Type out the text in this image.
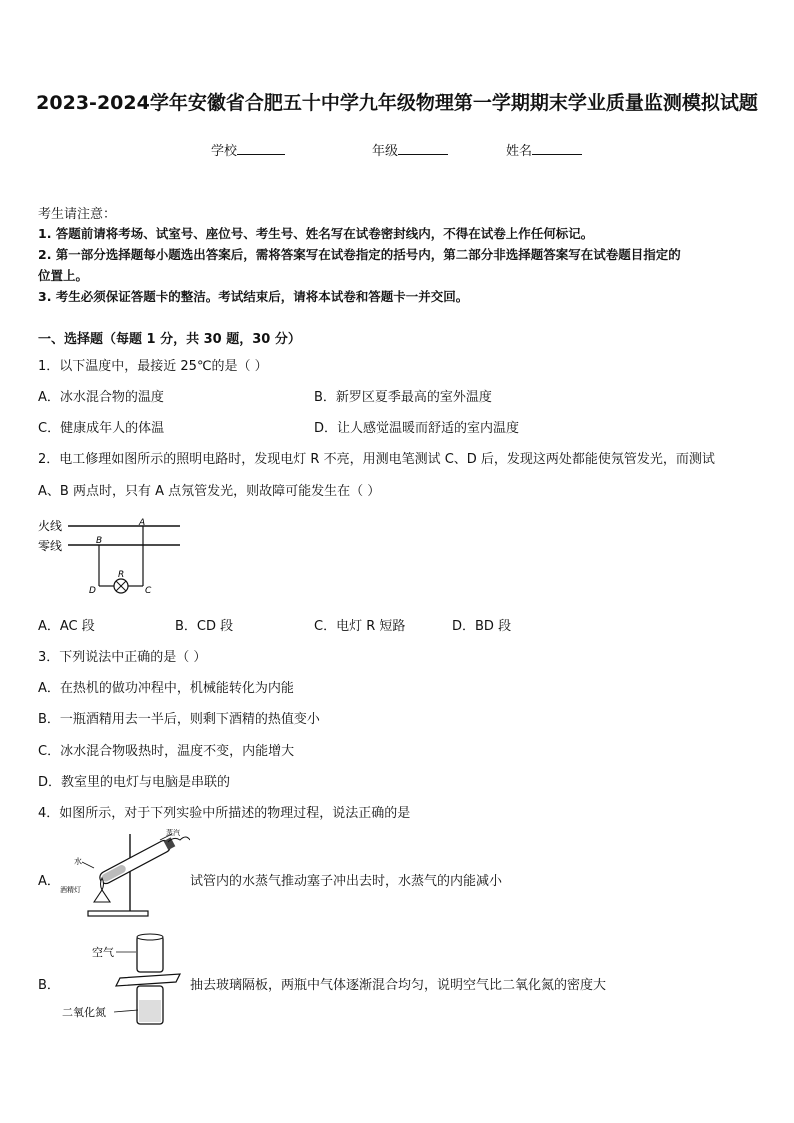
2023-2024学年安徽省合肥五十中学九年级物理第一学期期末学业质量监测模拟试题
学校	年级	姓名
考生请注意：
1. 答题前请将考场、试室号、座位号、考生号、姓名写在试卷密封线内，不得在试卷上作任何标记。
2. 第一部分选择题每小题选出答案后，需将答案写在试卷指定的括号内，第二部分非选择题答案写在试卷题目指定的
位置上。
3. 考生必须保证答题卡的整洁。考试结束后，请将本试卷和答题卡一并交回。
一、选择题（每题 1 分，共 30 题，30 分）
1．以下温度中，最接近 25℃的是（ ）
A．冰水混合物的温度	B．新罗区夏季最高的室外温度
C．健康成年人的体温	D．让人感觉温暖而舒适的室内温度
2．电工修理如图所示的照明电路时，发现电灯 R 不亮，用测电笔测试 C、D 后，发现这两处都能使氖管发光，而测试
A、B 两点时，只有 A 点氖管发光，则故障可能发生在（ ）
火线
零线
A
B
R
D	C
A．AC 段	B．CD 段	C．电灯 R 短路	D．BD 段
3．下列说法中正确的是（ ）
A．在热机的做功冲程中，机械能转化为内能
B．一瓶酒精用去一半后，则剩下酒精的热值变小
C．冰水混合物吸热时，温度不变，内能增大
D．教室里的电灯与电脑是串联的
4．如图所示，对于下列实验中所描述的物理过程，说法正确的是
A．
蒸汽
水
酒精灯
试管内的水蒸气推动塞子冲出去时，水蒸气的内能减小
B．
空气
二氧化氮
抽去玻璃隔板，两瓶中气体逐渐混合均匀，说明空气比二氧化氮的密度大
